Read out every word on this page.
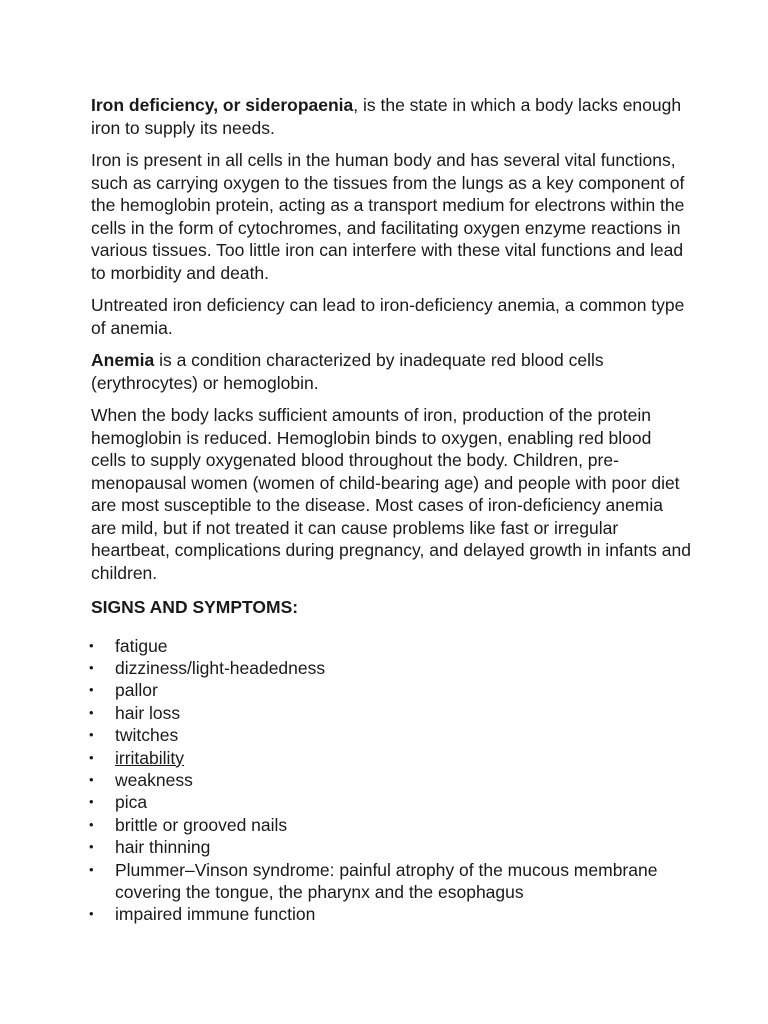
Iron deficiency, or sideropaenia, is the state in which a body lacks enough iron to supply its needs.

Iron is present in all cells in the human body and has several vital functions, such as carrying oxygen to the tissues from the lungs as a key component of the hemoglobin protein, acting as a transport medium for electrons within the cells in the form of cytochromes, and facilitating oxygen enzyme reactions in various tissues. Too little iron can interfere with these vital functions and lead to morbidity and death.

Untreated iron deficiency can lead to iron-deficiency anemia, a common type of anemia.

Anemia is a condition characterized by inadequate red blood cells (erythrocytes) or hemoglobin.

When the body lacks sufficient amounts of iron, production of the protein hemoglobin is reduced. Hemoglobin binds to oxygen, enabling red blood cells to supply oxygenated blood throughout the body. Children, pre-menopausal women (women of child-bearing age) and people with poor diet are most susceptible to the disease. Most cases of iron-deficiency anemia are mild, but if not treated it can cause problems like fast or irregular heartbeat, complications during pregnancy, and delayed growth in infants and children.

SIGNS AND SYMPTOMS:

• fatigue
• dizziness/light-headedness
• pallor
• hair loss
• twitches
• irritability
• weakness
• pica
• brittle or grooved nails
• hair thinning
• Plummer–Vinson syndrome: painful atrophy of the mucous membrane covering the tongue, the pharynx and the esophagus
• impaired immune function
